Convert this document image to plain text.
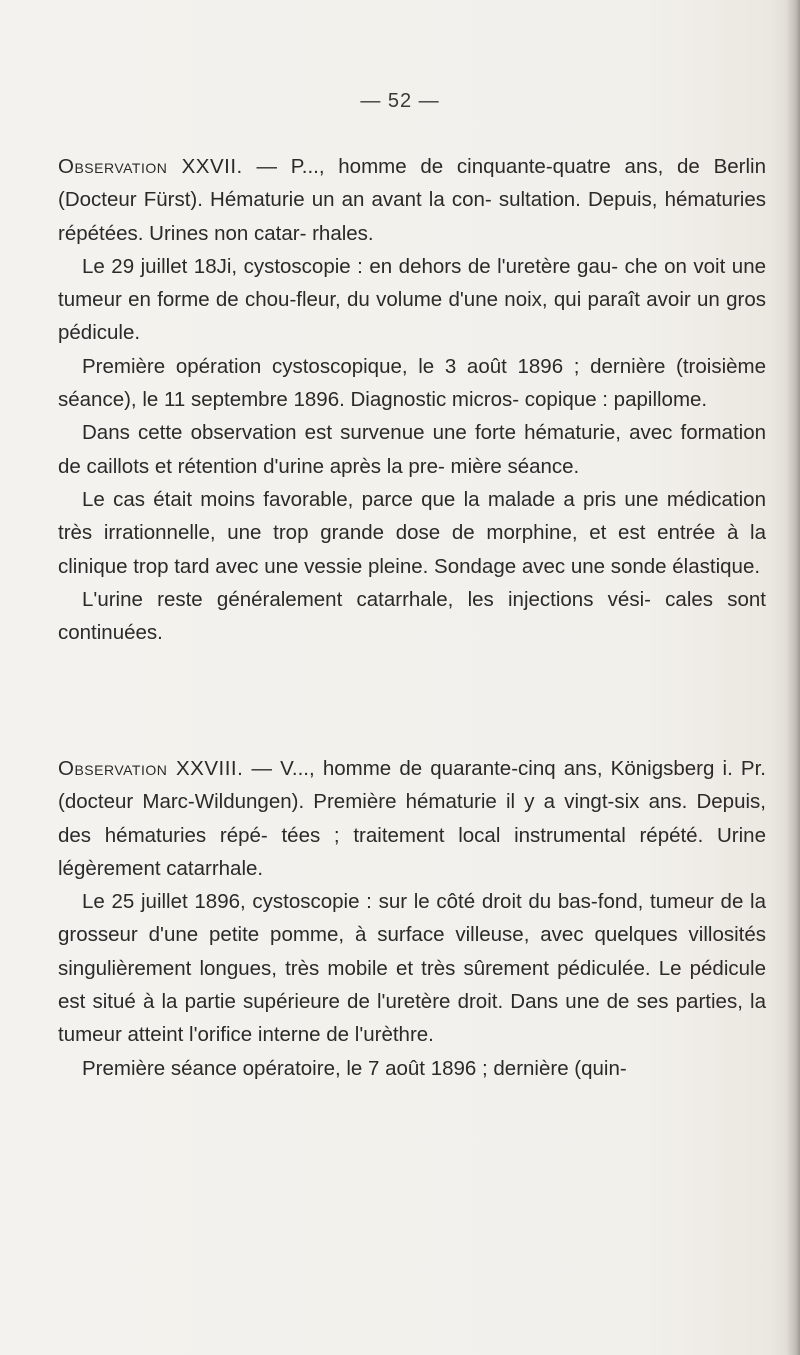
— 52 —

Observation XXVII. — P..., homme de cinquante-quatre ans, de Berlin (Docteur Fürst). Hématurie un an avant la con- sultation. Depuis, hématuries répétées. Urines non catar- rhales.

Le 29 juillet 18Ji, cystoscopie : en dehors de l'uretère gau- che on voit une tumeur en forme de chou-fleur, du volume d'une noix, qui paraît avoir un gros pédicule.

Première opération cystoscopique, le 3 août 1896 ; dernière (troisième séance), le 11 septembre 1896. Diagnostic micros- copique : papillome.

Dans cette observation est survenue une forte hématurie, avec formation de caillots et rétention d'urine après la pre- mière séance.

Le cas était moins favorable, parce que la malade a pris une médication très irrationnelle, une trop grande dose de morphine, et est entrée à la clinique trop tard avec une vessie pleine. Sondage avec une sonde élastique.

L'urine reste généralement catarrhale, les injections vési- cales sont continuées.

Observation XXVIII. — V..., homme de quarante-cinq ans, Königsberg i. Pr. (docteur Marc-Wildungen). Première hématurie il y a vingt-six ans. Depuis, des hématuries répé- tées ; traitement local instrumental répété. Urine légèrement catarrhale.

Le 25 juillet 1896, cystoscopie : sur le côté droit du bas-fond, tumeur de la grosseur d'une petite pomme, à surface villeuse, avec quelques villosités singulièrement longues, très mobile et très sûrement pédiculée. Le pédicule est situé à la partie supérieure de l'uretère droit. Dans une de ses parties, la tumeur atteint l'orifice interne de l'urèthre.

Première séance opératoire, le 7 août 1896 ; dernière (quin-
